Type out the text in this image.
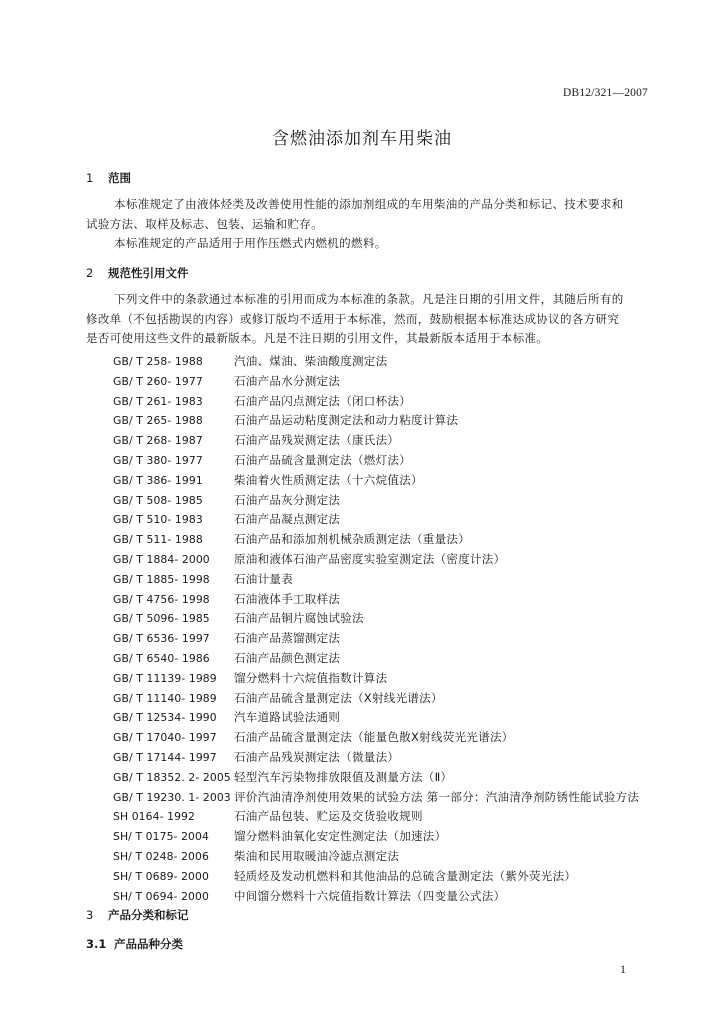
DB12/321—2007
含燃油添加剂车用柴油
1 范围
本标准规定了由液体烃类及改善使用性能的添加剂组成的车用柴油的产品分类和标记、技术要求和
试验方法、取样及标志、包装、运输和贮存。
本标准规定的产品适用于用作压燃式内燃机的燃料。
2 规范性引用文件
下列文件中的条款通过本标准的引用而成为本标准的条款。凡是注日期的引用文件，其随后所有的
修改单（不包括勘误的内容）或修订版均不适用于本标准，然而，鼓励根据本标准达成协议的各方研究
是否可使用这些文件的最新版本。凡是不注日期的引用文件，其最新版本适用于本标准。
GB/ T 258- 1988	汽油、煤油、柴油酸度测定法
GB/ T 260- 1977	石油产品水分测定法
GB/ T 261- 1983	石油产品闪点测定法（闭口杯法）
GB/ T 265- 1988	石油产品运动粘度测定法和动力粘度计算法
GB/ T 268- 1987	石油产品残炭测定法（康氏法）
GB/ T 380- 1977	石油产品硫含量测定法（燃灯法）
GB/ T 386- 1991	柴油着火性质测定法（十六烷值法）
GB/ T 508- 1985	石油产品灰分测定法
GB/ T 510- 1983	石油产品凝点测定法
GB/ T 511- 1988	石油产品和添加剂机械杂质测定法（重量法）
GB/ T 1884- 2000 原油和液体石油产品密度实验室测定法（密度计法）
GB/ T 1885- 1998 石油计量表
GB/ T 4756- 1998 石油液体手工取样法
GB/ T 5096- 1985 石油产品铜片腐蚀试验法
GB/ T 6536- 1997 石油产品蒸馏测定法
GB/ T 6540- 1986 石油产品颜色测定法
GB/ T 11139- 1989 馏分燃料十六烷值指数计算法
GB/ T 11140- 1989 石油产品硫含量测定法（X射线光谱法）
GB/ T 12534- 1990 汽车道路试验法通则
GB/ T 17040- 1997 石油产品硫含量测定法（能量色散X射线荧光光谱法）
GB/ T 17144- 1997 石油产品残炭测定法（微量法）
GB/ T 18352. 2- 2005 轻型汽车污染物排放限值及测量方法（Ⅱ）
GB/ T 19230. 1- 2003 评价汽油清净剂使用效果的试验方法 第一部分：汽油清净剂防锈性能试验方法
SH 0164- 1992	石油产品包装、贮运及交货验收规则
SH/ T 0175- 2004 馏分燃料油氧化安定性测定法（加速法）
SH/ T 0248- 2006 柴油和民用取暖油冷滤点测定法
SH/ T 0689- 2000 轻质烃及发动机燃料和其他油品的总硫含量测定法（紫外荧光法）
SH/ T 0694- 2000 中间馏分燃料十六烷值指数计算法（四变量公式法）
3 产品分类和标记
3.1 产品品种分类
1
